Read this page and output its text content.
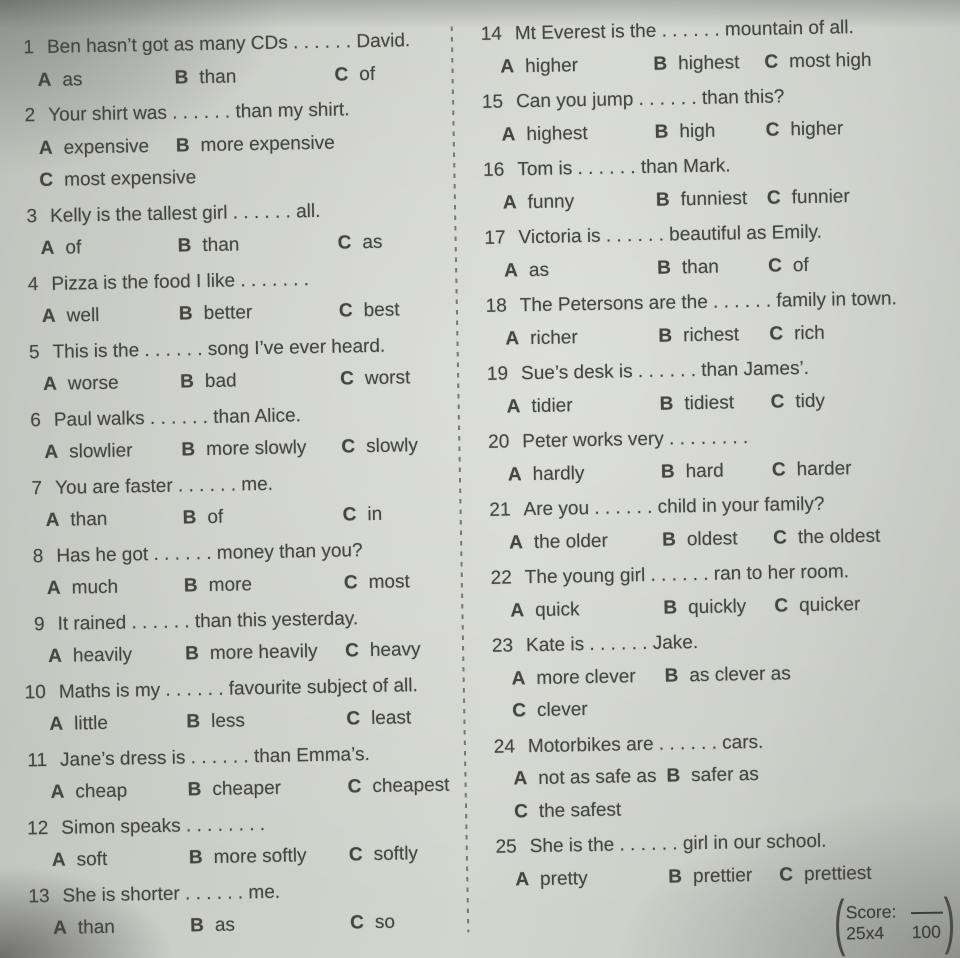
1 Ben hasn’t got as many CDs . . . . . . David.
A as	B than	C of
2 Your shirt was . . . . . . than my shirt.
A expensive B more expensive
C most expensive
3 Kelly is the tallest girl . . . . . . all.
A of	B than	C as
4 Pizza is the food I like . . . . . . .
A well	B better	C best
5 This is the . . . . . . song I’ve ever heard.
A worse	B bad	C worst
6 Paul walks . . . . . . than Alice.
A slowlier	B more slowly C slowly
7 You are faster . . . . . . me.
A than	B of	C in
8 Has he got . . . . . . money than you?
A much	B more	C most
9 It rained . . . . . . than this yesterday.
A heavily	B more heavily C heavy
10 Maths is my . . . . . . favourite subject of all.
A little	B less	C least
11 Jane’s dress is . . . . . . than Emma’s.
A cheap	B cheaper	C cheapest
12 Simon speaks . . . . . . . .
A soft	B more softly C softly
13 She is shorter . . . . . . me.
A than	B as	C so
14 Mt Everest is the . . . . . . mountain of all.
A higher	B highest C most high
15 Can you jump . . . . . . than this?
A highest	B high	C higher
16 Tom is . . . . . . than Mark.
A funny	B funniest C funnier
17 Victoria is . . . . . . beautiful as Emily.
A as	B than	C of
18 The Petersons are the . . . . . . family in town.
A richer	B richest C rich
19 Sue’s desk is . . . . . . than James’.
A tidier	B tidiest C tidy
20 Peter works very . . . . . . . .
A hardly	B hard	C harder
21 Are you . . . . . . child in your family?
A the older	B oldest C the oldest
22 The young girl . . . . . . ran to her room.
A quick	B quickly C quicker
23 Kate is . . . . . . Jake.
A more clever B as clever as
C clever
24 Motorbikes are . . . . . . cars.
A not as safe as B safer as
C the safest
25 She is the . . . . . . girl in our school.
A pretty	B prettier C prettiest
( Score:
25x4	100 )
